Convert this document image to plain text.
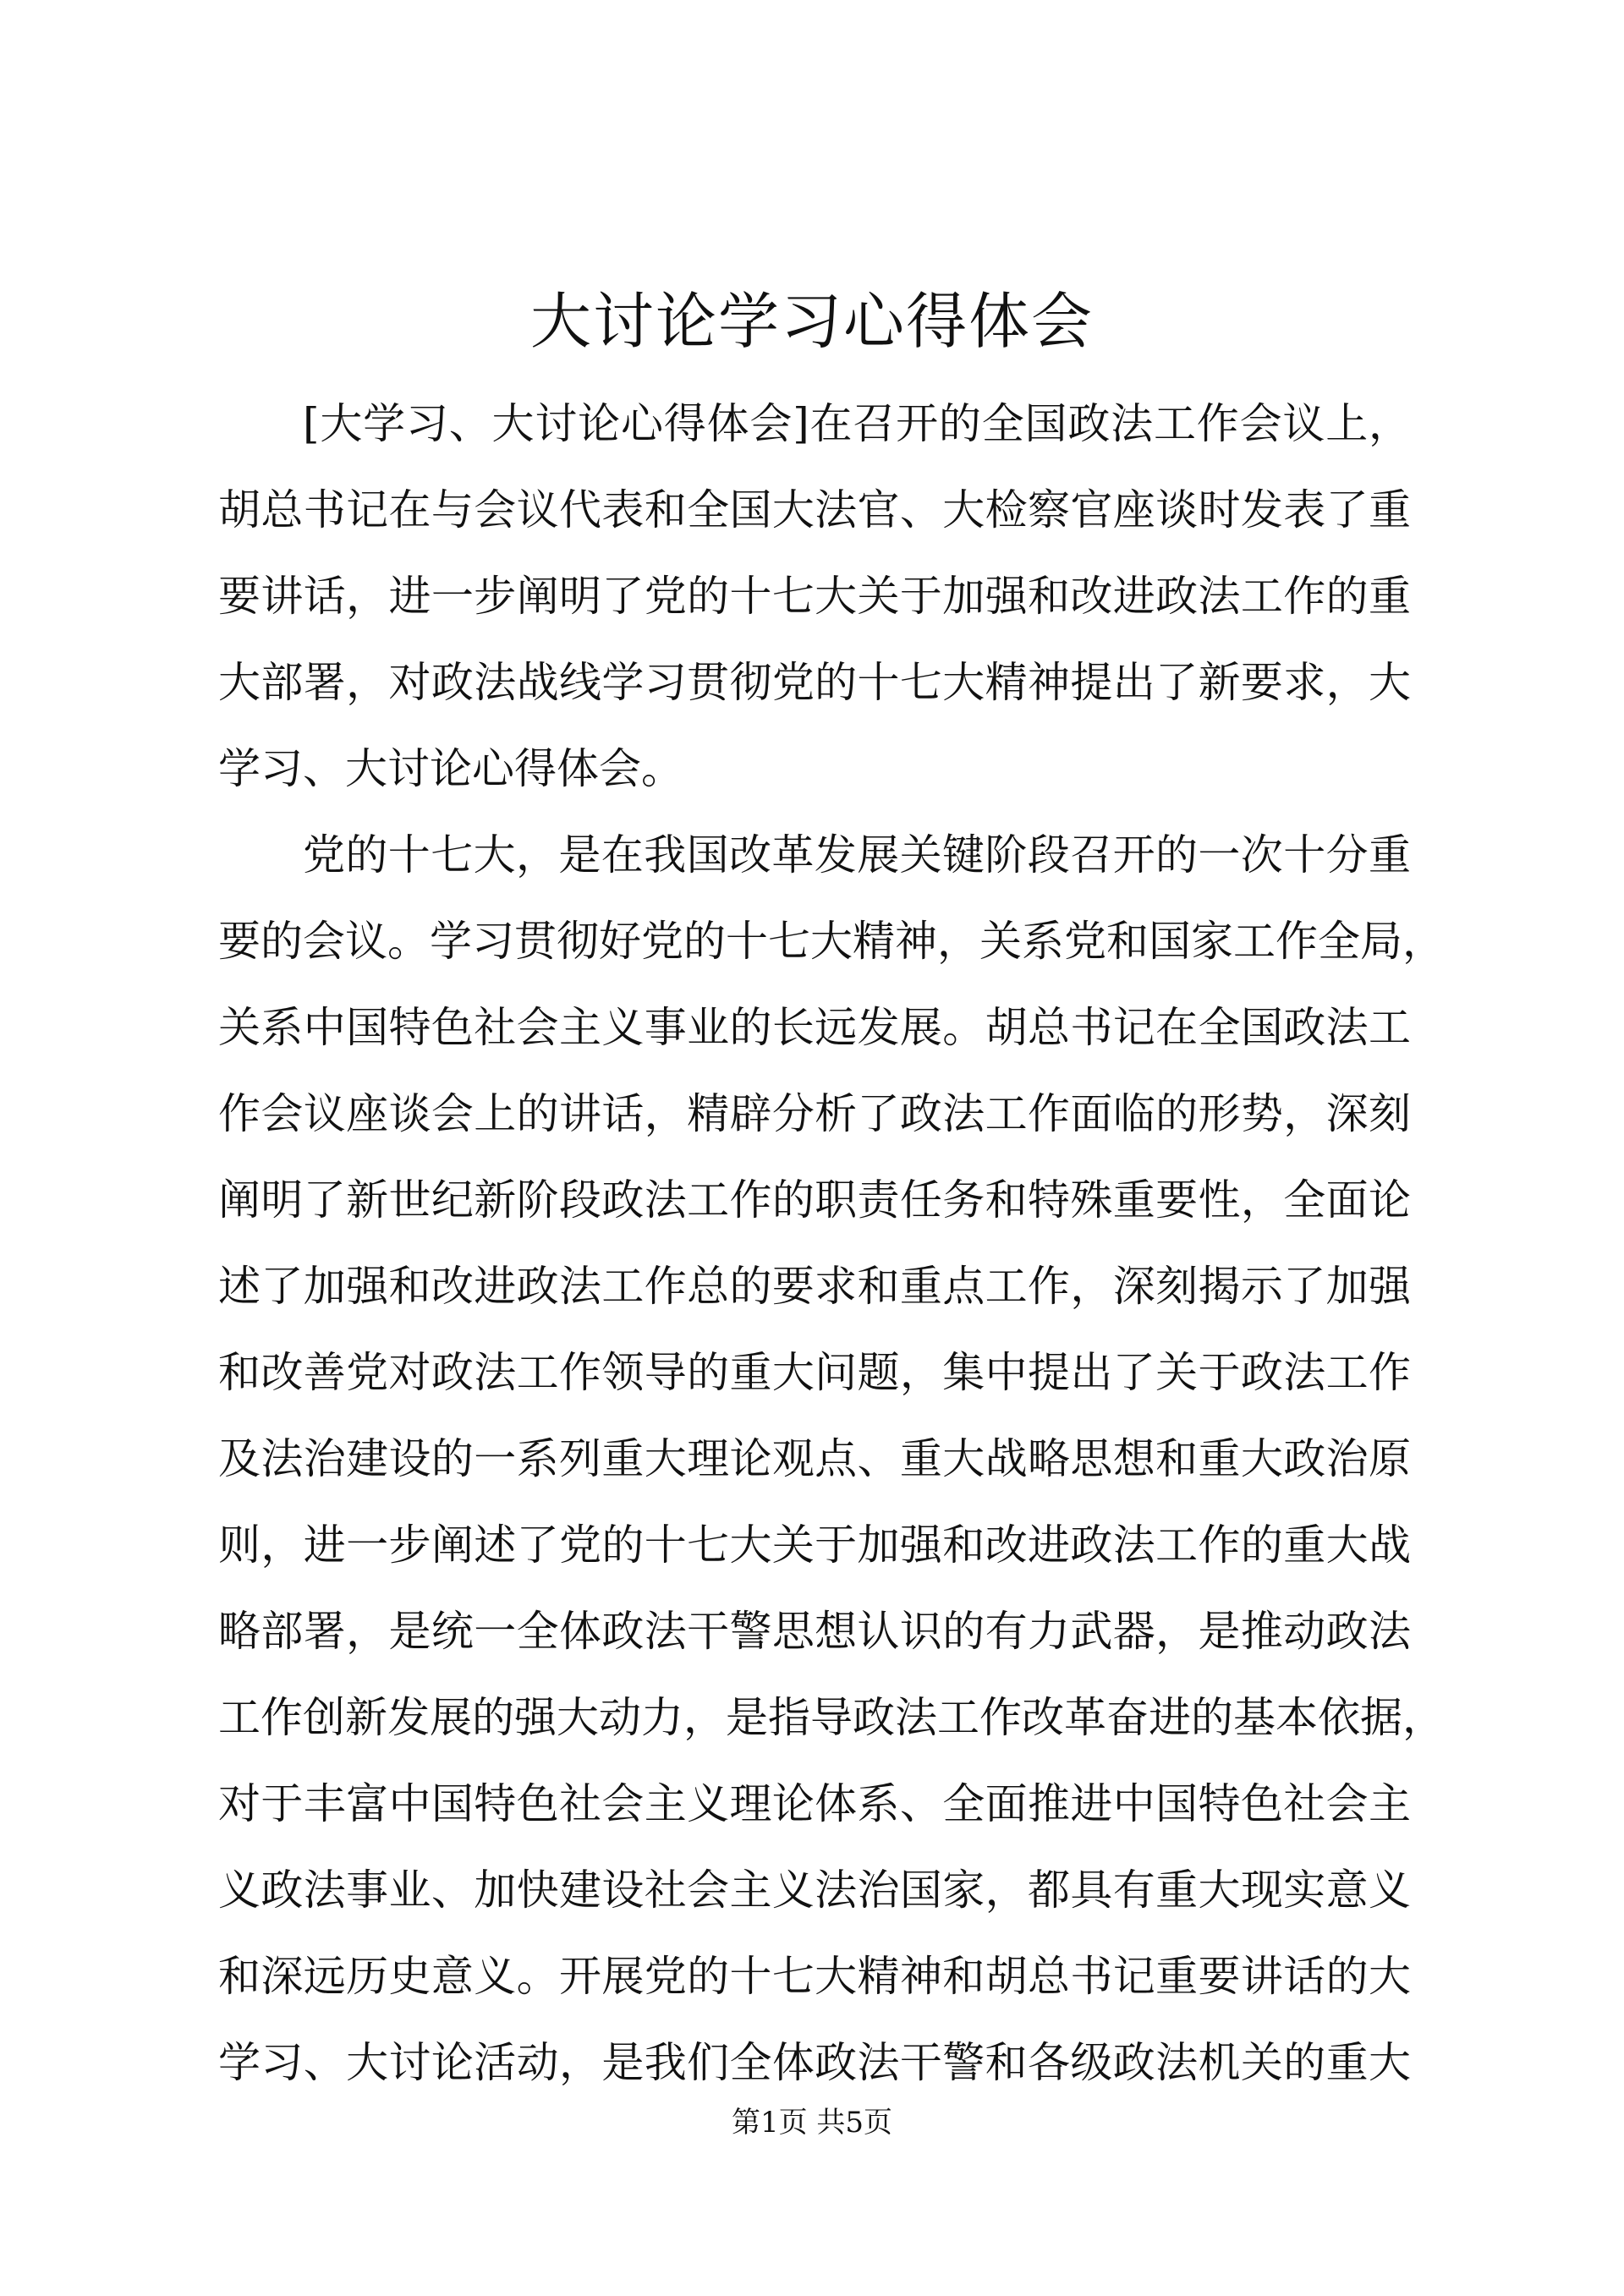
大讨论学习心得体会
[大学习、大讨论心得体会]在召开的全国政法工作会议上，
胡总书记在与会议代表和全国大法官、大检察官座谈时发表了重
要讲话，进一步阐明了党的十七大关于加强和改进政法工作的重
大部署，对政法战线学习贯彻党的十七大精神提出了新要求，大
学习、大讨论心得体会。
党的十七大，是在我国改革发展关键阶段召开的一次十分重
要的会议。学习贯彻好党的十七大精神，关系党和国家工作全局，
关系中国特色社会主义事业的长远发展。胡总书记在全国政法工
作会议座谈会上的讲话，精辟分析了政法工作面临的形势，深刻
阐明了新世纪新阶段政法工作的职责任务和特殊重要性，全面论
述了加强和改进政法工作总的要求和重点工作，深刻揭示了加强
和改善党对政法工作领导的重大问题，集中提出了关于政法工作
及法治建设的一系列重大理论观点、重大战略思想和重大政治原
则，进一步阐述了党的十七大关于加强和改进政法工作的重大战
略部署，是统一全体政法干警思想认识的有力武器，是推动政法
工作创新发展的强大动力，是指导政法工作改革奋进的基本依据，
对于丰富中国特色社会主义理论体系、全面推进中国特色社会主
义政法事业、加快建设社会主义法治国家，都具有重大现实意义
和深远历史意义。开展党的十七大精神和胡总书记重要讲话的大
学习、大讨论活动，是我们全体政法干警和各级政法机关的重大
第1页 共5页
